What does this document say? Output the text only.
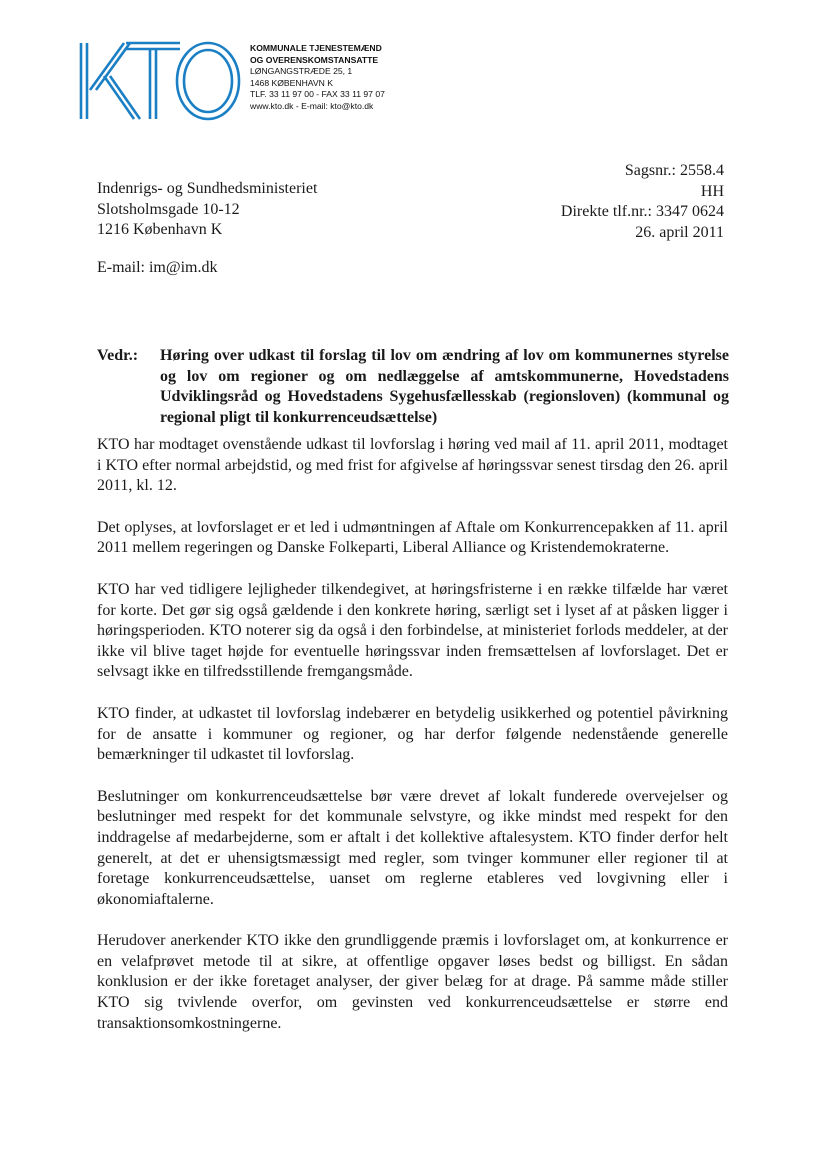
KOMMUNALE TJENESTEMÆND
OG OVERENSKOMSTANSATTE
LØNGANGSTRÆDE 25, 1
1468 KØBENHAVN K
TLF. 33 11 97 00 - FAX 33 11 97 07
www.kto.dk - E-mail: kto@kto.dk
Indenrigs- og Sundhedsministeriet
Slotsholmsgade 10-12
1216 København K
Sagsnr.: 2558.4
HH
Direkte tlf.nr.: 3347 0624
26. april 2011
E-mail: im@im.dk
Vedr.: Høring over udkast til forslag til lov om ændring af lov om kommunernes styrelse og lov om regioner og om nedlæggelse af amtskommunerne, Hovedstadens Udviklingsråd og Hovedstadens Sygehusfællesskab (regionsloven) (kommunal og regional pligt til konkurrenceudsættelse)

KTO har modtaget ovenstående udkast til lovforslag i høring ved mail af 11. april 2011, modtaget i KTO efter normal arbejdstid, og med frist for afgivelse af høringssvar senest tirsdag den 26. april 2011, kl. 12.

Det oplyses, at lovforslaget er et led i udmøntningen af Aftale om Konkurrencepakken af 11. april 2011 mellem regeringen og Danske Folkeparti, Liberal Alliance og Kristendemokraterne.

KTO har ved tidligere lejligheder tilkendegivet, at høringsfristerne i en række tilfælde har været for korte. Det gør sig også gældende i den konkrete høring, særligt set i lyset af at påsken ligger i høringsperioden. KTO noterer sig da også i den forbindelse, at ministeriet forlods meddeler, at der ikke vil blive taget højde for eventuelle høringssvar inden fremsættelsen af lovforslaget. Det er selvsagt ikke en tilfredsstillende fremgangsmåde.

KTO finder, at udkastet til lovforslag indebærer en betydelig usikkerhed og potentiel påvirkning for de ansatte i kommuner og regioner, og har derfor følgende nedenstående generelle bemærkninger til udkastet til lovforslag.

Beslutninger om konkurrenceudsættelse bør være drevet af lokalt funderede overvejelser og beslutninger med respekt for det kommunale selvstyre, og ikke mindst med respekt for den inddragelse af medarbejderne, som er aftalt i det kollektive aftalesystem. KTO finder derfor helt generelt, at det er uhensigtsmæssigt med regler, som tvinger kommuner eller regioner til at foretage konkurrenceudsættelse, uanset om reglerne etableres ved lovgivning eller i økonomiaftalerne.

Herudover anerkender KTO ikke den grundliggende præmis i lovforslaget om, at konkurrence er en velafprøvet metode til at sikre, at offentlige opgaver løses bedst og billigst. En sådan konklusion er der ikke foretaget analyser, der giver belæg for at drage. På samme måde stiller KTO sig tvivlende overfor, om gevinsten ved konkurrenceudsættelse er større end transaktionsomkostningerne.
